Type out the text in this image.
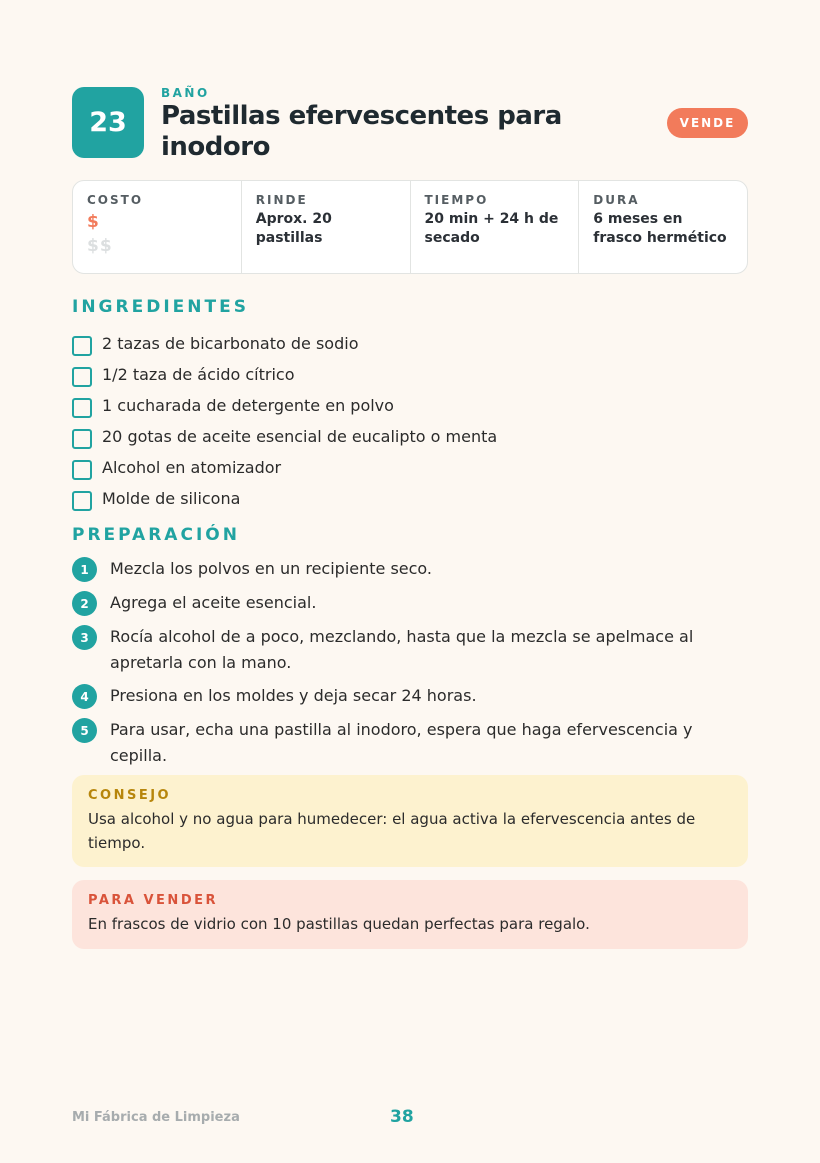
23
BAÑO
Pastillas efervescentes para inodoro
VENDE
COSTO
$
$$
RINDE
Aprox. 20 pastillas
TIEMPO
20 min + 24 h de secado
DURA
6 meses en frasco hermético
INGREDIENTES
2 tazas de bicarbonato de sodio
1/2 taza de ácido cítrico
1 cucharada de detergente en polvo
20 gotas de aceite esencial de eucalipto o menta
Alcohol en atomizador
Molde de silicona
PREPARACIÓN
1	Mezcla los polvos en un recipiente seco.
2	Agrega el aceite esencial.
3	Rocía alcohol de a poco, mezclando, hasta que la mezcla se apelmace al apretarla con la mano.
4	Presiona en los moldes y deja secar 24 horas.
5	Para usar, echa una pastilla al inodoro, espera que haga efervescencia y cepilla.
CONSEJO
Usa alcohol y no agua para humedecer: el agua activa la efervescencia antes de tiempo.
PARA VENDER
En frascos de vidrio con 10 pastillas quedan perfectas para regalo.
Mi Fábrica de Limpieza	38
